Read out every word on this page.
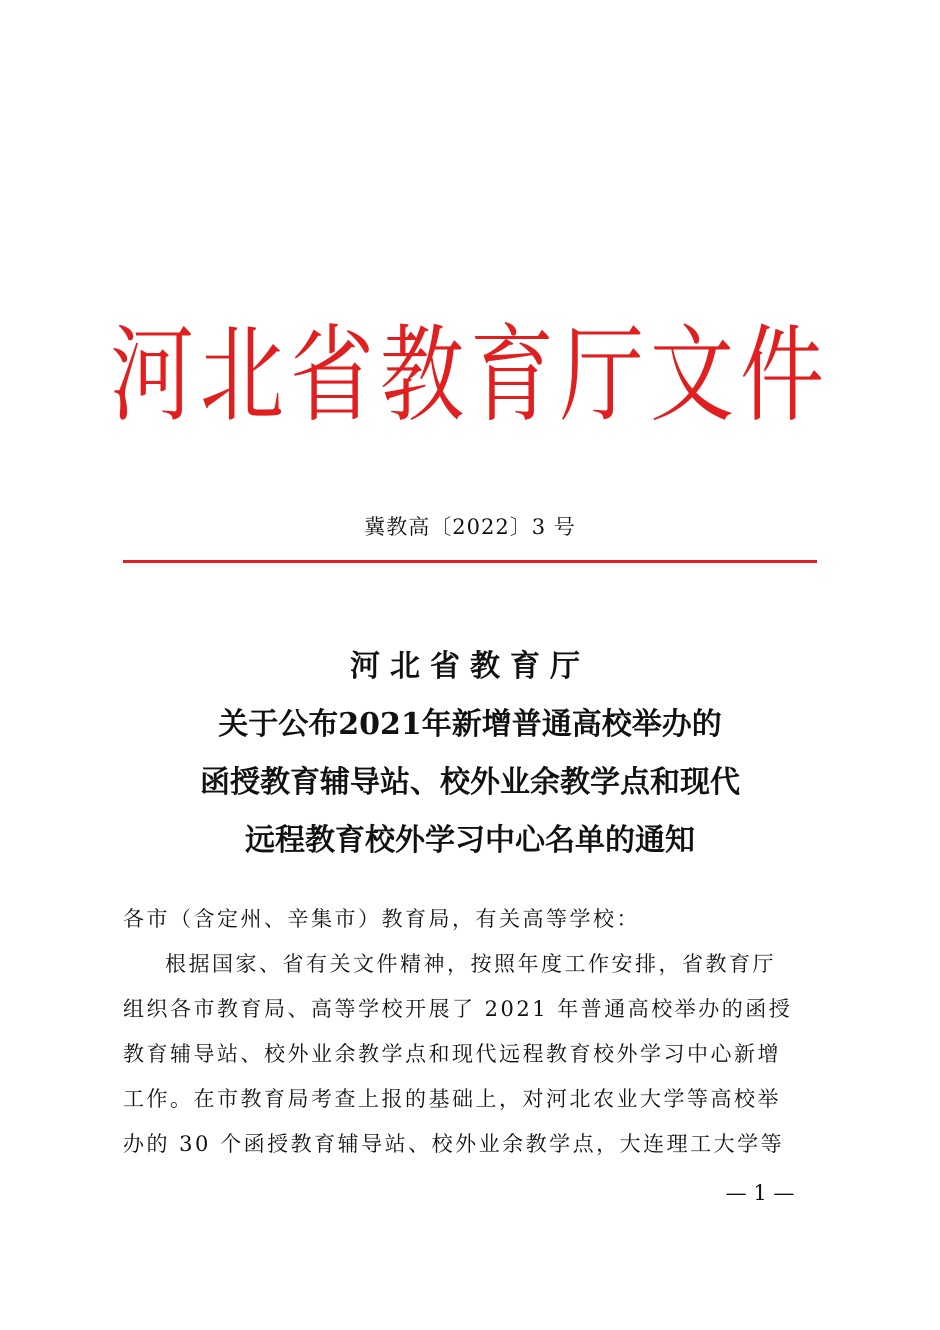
河北省教育厅文件
冀教高〔2022〕3 号
河北省教育厅
关于公布2021年新增普通高校举办的
函授教育辅导站、校外业余教学点和现代
远程教育校外学习中心名单的通知
各市（含定州、辛集市）教育局，有关高等学校：
根据国家、省有关文件精神，按照年度工作安排，省教育厅
组织各市教育局、高等学校开展了 2021 年普通高校举办的函授
教育辅导站、校外业余教学点和现代远程教育校外学习中心新增
工作。在市教育局考查上报的基础上，对河北农业大学等高校举
办的 30 个函授教育辅导站、校外业余教学点，大连理工大学等
— 1 —
